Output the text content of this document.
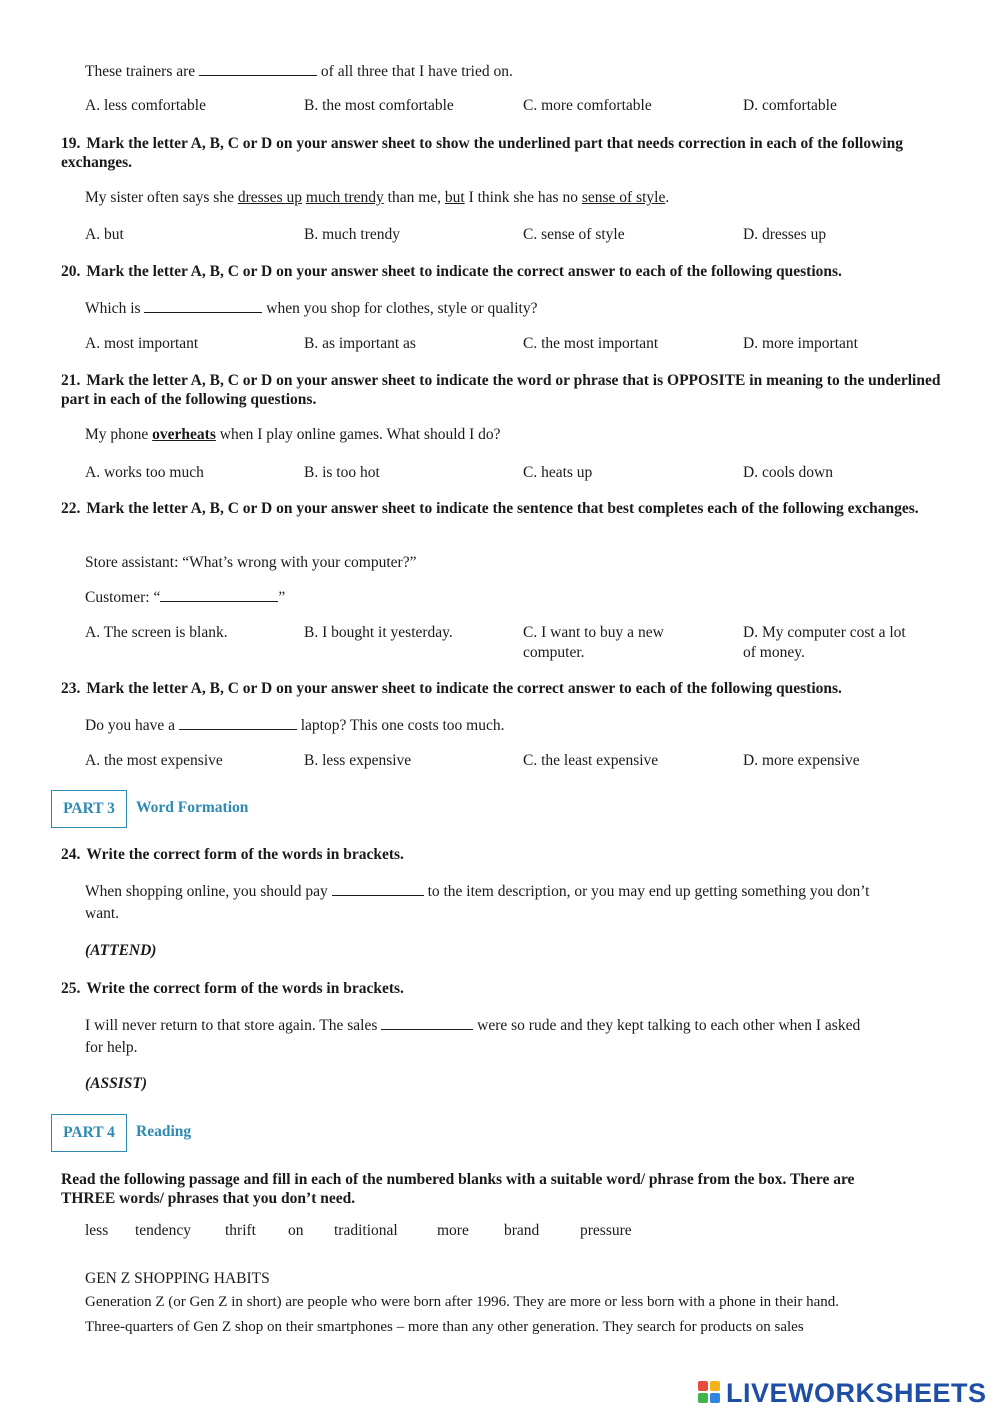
These trainers are	of all three that I have tried on.
A. less comfortable	B. the most comfortable	C. more comfortable	D. comfortable
19. Mark the letter A, B, C or D on your answer sheet to show the underlined part that needs correction in each of the following exchanges.
My sister often says she dresses up much trendy than me, but I think she has no sense of style.
A. but	B. much trendy	C. sense of style	D. dresses up
20. Mark the letter A, B, C or D on your answer sheet to indicate the correct answer to each of the following questions.
Which is	when you shop for clothes, style or quality?
A. most important	B. as important as	C. the most important	D. more important
21. Mark the letter A, B, C or D on your answer sheet to indicate the word or phrase that is OPPOSITE in meaning to the underlined part in each of the following questions.
My phone overheats when I play online games. What should I do?
A. works too much	B. is too hot	C. heats up	D. cools down
22. Mark the letter A, B, C or D on your answer sheet to indicate the sentence that best completes each of the following exchanges.
Store assistant: “What’s wrong with your computer?”
Customer: “	”
A. The screen is blank.	B. I bought it yesterday.	C. I want to buy a new
computer.
D. My computer cost a lot
of money.
23. Mark the letter A, B, C or D on your answer sheet to indicate the correct answer to each of the following questions.
Do you have a	laptop? This one costs too much.
A. the most expensive	B. less expensive	C. the least expensive	D. more expensive
PART 3	Word Formation
24. Write the correct form of the words in brackets.
When shopping online, you should pay	to the item description, or you may end up getting something you don’t
want.
(ATTEND)
25. Write the correct form of the words in brackets.
I will never return to that store again. The sales	were so rude and they kept talking to each other when I asked
for help.
(ASSIST)
PART 4	Reading
Read the following passage and fill in each of the numbered blanks with a suitable word/ phrase from the box. There are
THREE words/ phrases that you don’t need.
less tendency thrift on traditional	more brand	pressure
GEN Z SHOPPING HABITS
Generation Z (or Gen Z in short) are people who were born after 1996. They are more or less born with a phone in their hand.
Three-quarters of Gen Z shop on their smartphones – more than any other generation. They search for products on sales
LIVEWORKSHEETS
